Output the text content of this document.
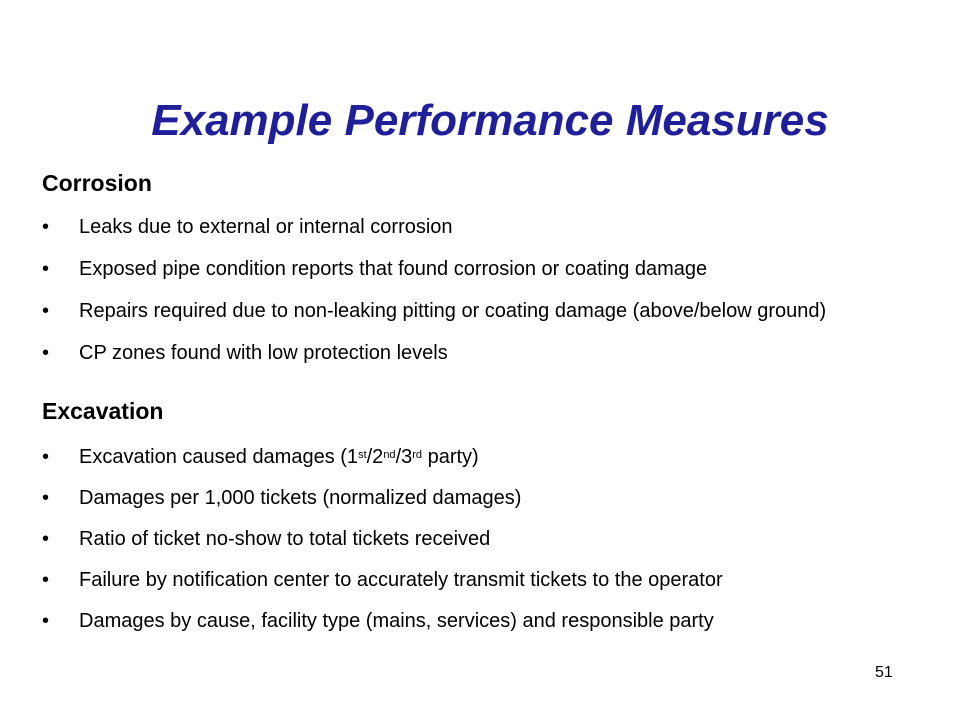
Example Performance Measures
Corrosion
• Leaks due to external or internal corrosion
• Exposed pipe condition reports that found corrosion or coating damage
• Repairs required due to non-leaking pitting or coating damage (above/below ground)
• CP zones found with low protection levels
Excavation
• Excavation caused damages (1st/2nd/3rd party)
• Damages per 1,000 tickets (normalized damages)
• Ratio of ticket no-show to total tickets received
• Failure by notification center to accurately transmit tickets to the operator
• Damages by cause, facility type (mains, services) and responsible party
51
